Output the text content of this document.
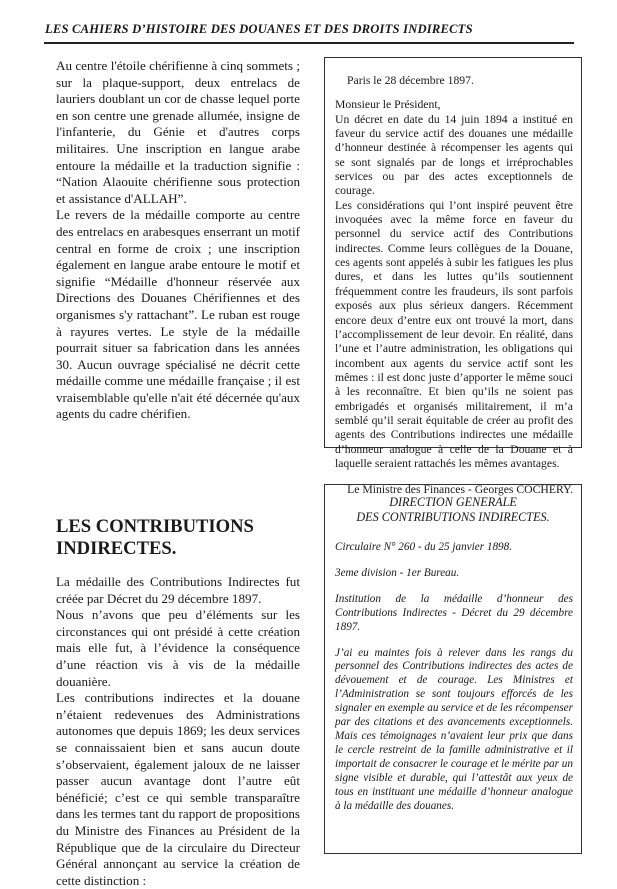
LES CAHIERS D’HISTOIRE DES DOUANES ET DES DROITS INDIRECTS

Au centre l'étoile chérifienne à cinq sommets ; sur la plaque-support, deux entrelacs de lauriers doublant un cor de chasse lequel porte en son centre une grenade allumée, insigne de l'infanterie, du Génie et d'autres corps militaires. Une inscription en langue arabe entoure la médaille et la traduction signifie : “Nation Alaouite chérifienne sous protection et assistance d'ALLAH”.

Le revers de la médaille comporte au centre des entrelacs en arabesques enserrant un motif central en forme de croix ; une inscription également en langue arabe entoure le motif et signifie “Médaille d'honneur réservée aux Directions des Douanes Chérifiennes et des organismes s'y rattachant”. Le ruban est rouge à rayures vertes. Le style de la médaille pourrait situer sa fabrication dans les années 30. Aucun ouvrage spécialisé ne décrit cette médaille comme une médaille française ; il est vraisemblable qu'elle n'ait été décernée qu'aux agents du cadre chérifien.

LES CONTRIBUTIONS INDIRECTES.

La médaille des Contributions Indirectes fut créée par Décret du 29 décembre 1897.

Nous n’avons que peu d’éléments sur les circonstances qui ont présidé à cette création mais elle fut, à l’évidence la conséquence d’une réaction vis à vis de la médaille douanière.

Les contributions indirectes et la douane n’étaient redevenues des Administrations autonomes que depuis 1869; les deux services se connaissaient bien et sans aucun doute s’observaient, également jaloux de ne laisser passer aucun avantage dont l’autre eût bénéficié; c’est ce qui semble transparaître dans les termes tant du rapport de propositions du Ministre des Finances au Président de la République que de la circulaire du Directeur Général annonçant au service la création de cette distinction :

Paris le 28 décembre 1897.

Monsieur le Président,

Un décret en date du 14 juin 1894 a institué en faveur du service actif des douanes une médaille d’honneur destinée à récompenser les agents qui se sont signalés par de longs et irréprochables services ou par des actes exceptionnels de courage.

Les considérations qui l’ont inspiré peuvent être invoquées avec la même force en faveur du personnel du service actif des Contributions indirectes. Comme leurs collègues de la Douane, ces agents sont appelés à subir les fatigues les plus dures, et dans les luttes qu’ils soutiennent fréquemment contre les fraudeurs, ils sont parfois exposés aux plus sérieux dangers. Récemment encore deux d’entre eux ont trouvé la mort, dans l’accomplissement de leur devoir. En réalité, dans l’une et l’autre administration, les obligations qui incombent aux agents du service actif sont les mêmes : il est donc juste d’apporter le même souci à les reconnaître. Et bien qu’ils ne soient pas embrigadés et organisés militairement, il m’a semblé qu’il serait équitable de créer au profit des agents des Contributions indirectes une médaille d’honneur analogue à celle de la Douane et à laquelle seraient rattachés les mêmes avantages.

Le Ministre des Finances - Georges COCHERY.

DIRECTION GENERALE
DES CONTRIBUTIONS INDIRECTES.

Circulaire N° 260 - du 25 janvier 1898.

3eme division - 1er Bureau.

Institution de la médaille d’honneur des Contributions Indirectes - Décret du 29 décembre 1897.

J’ai eu maintes fois à relever dans les rangs du personnel des Contributions indirectes des actes de dévouement et de courage. Les Ministres et l’Administration se sont toujours efforcés de les signaler en exemple au service et de les récompenser par des citations et des avancements exceptionnels. Mais ces témoignages n’avaient leur prix que dans le cercle restreint de la famille administrative et il importait de consacrer le courage et le mérite par un signe visible et durable, qui l’attestât aux yeux de tous en instituant une médaille d’honneur analogue à la médaille des douanes.
